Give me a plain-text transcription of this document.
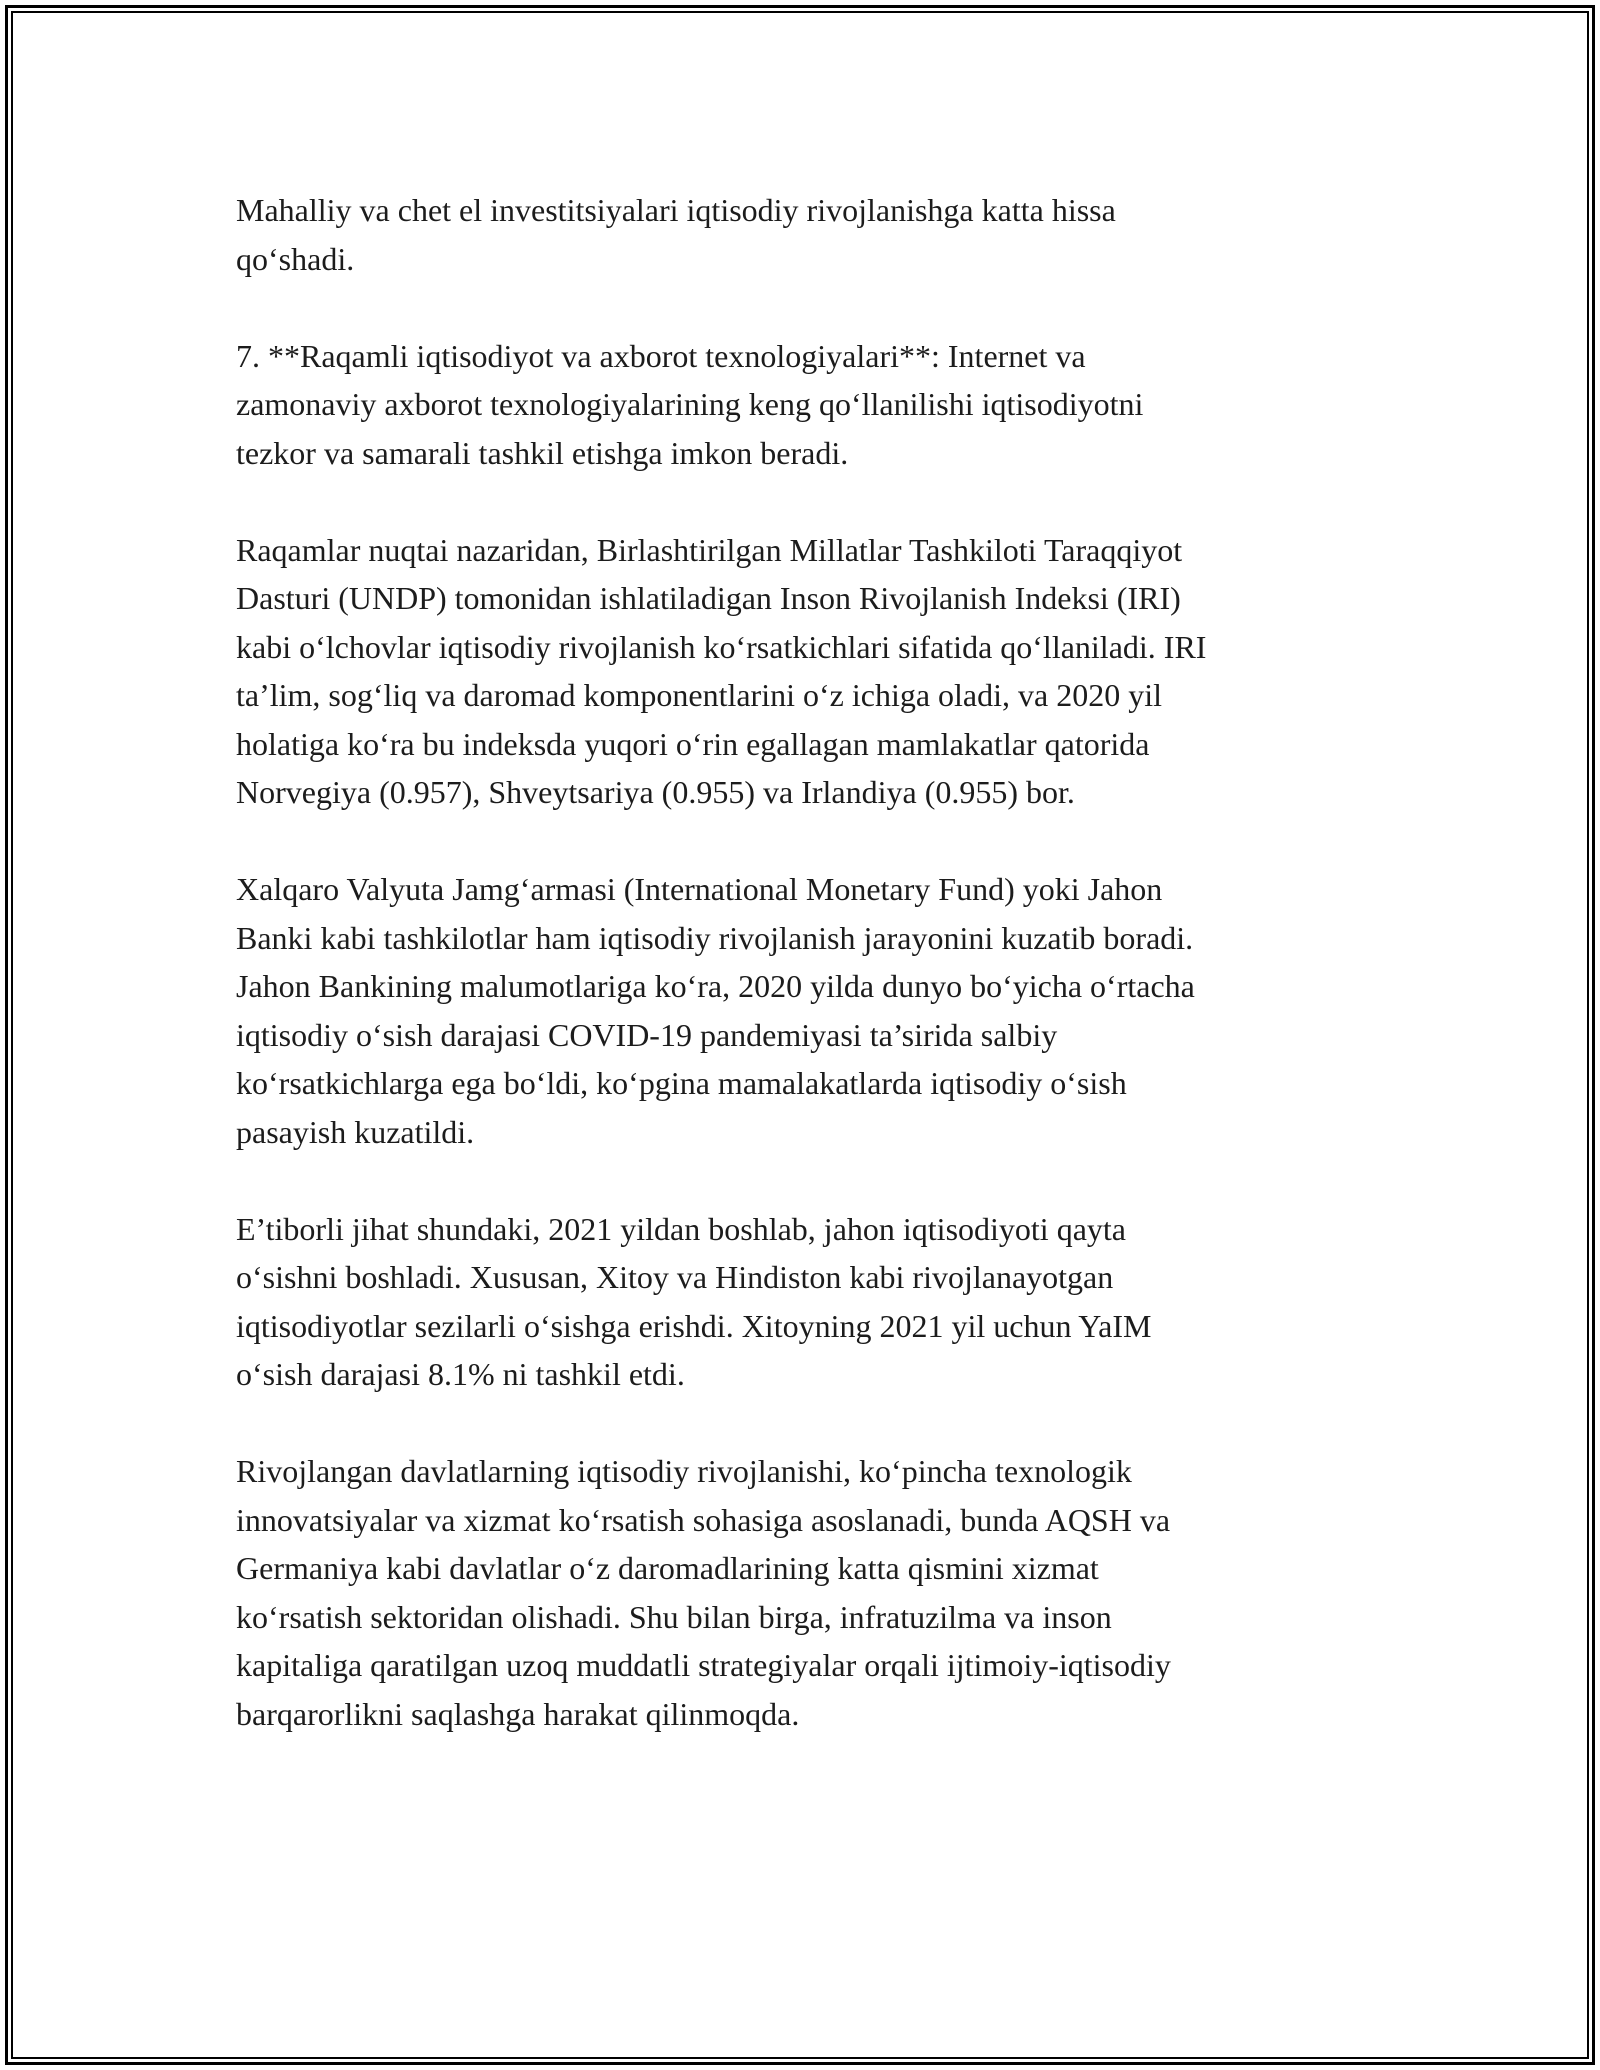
Mahalliy va chet el investitsiyalari iqtisodiy rivojlanishga katta hissa
qo‘shadi.

7. **Raqamli iqtisodiyot va axborot texnologiyalari**: Internet va
zamonaviy axborot texnologiyalarining keng qo‘llanilishi iqtisodiyotni
tezkor va samarali tashkil etishga imkon beradi.

Raqamlar nuqtai nazaridan, Birlashtirilgan Millatlar Tashkiloti Taraqqiyot
Dasturi (UNDP) tomonidan ishlatiladigan Inson Rivojlanish Indeksi (IRI)
kabi o‘lchovlar iqtisodiy rivojlanish ko‘rsatkichlari sifatida qo‘llaniladi. IRI
ta’lim, sog‘liq va daromad komponentlarini o‘z ichiga oladi, va 2020 yil
holatiga ko‘ra bu indeksda yuqori o‘rin egallagan mamlakatlar qatorida
Norvegiya (0.957), Shveytsariya (0.955) va Irlandiya (0.955) bor.

Xalqaro Valyuta Jamg‘armasi (International Monetary Fund) yoki Jahon
Banki kabi tashkilotlar ham iqtisodiy rivojlanish jarayonini kuzatib boradi.
Jahon Bankining malumotlariga ko‘ra, 2020 yilda dunyo bo‘yicha o‘rtacha
iqtisodiy o‘sish darajasi COVID-19 pandemiyasi ta’sirida salbiy
ko‘rsatkichlarga ega bo‘ldi, ko‘pgina mamalakatlarda iqtisodiy o‘sish
pasayish kuzatildi.

E’tiborli jihat shundaki, 2021 yildan boshlab, jahon iqtisodiyoti qayta
o‘sishni boshladi. Xususan, Xitoy va Hindiston kabi rivojlanayotgan
iqtisodiyotlar sezilarli o‘sishga erishdi. Xitoyning 2021 yil uchun YaIM
o‘sish darajasi 8.1% ni tashkil etdi.

Rivojlangan davlatlarning iqtisodiy rivojlanishi, ko‘pincha texnologik
innovatsiyalar va xizmat ko‘rsatish sohasiga asoslanadi, bunda AQSH va
Germaniya kabi davlatlar o‘z daromadlarining katta qismini xizmat
ko‘rsatish sektoridan olishadi. Shu bilan birga, infratuzilma va inson
kapitaliga qaratilgan uzoq muddatli strategiyalar orqali ijtimoiy-iqtisodiy
barqarorlikni saqlashga harakat qilinmoqda.
